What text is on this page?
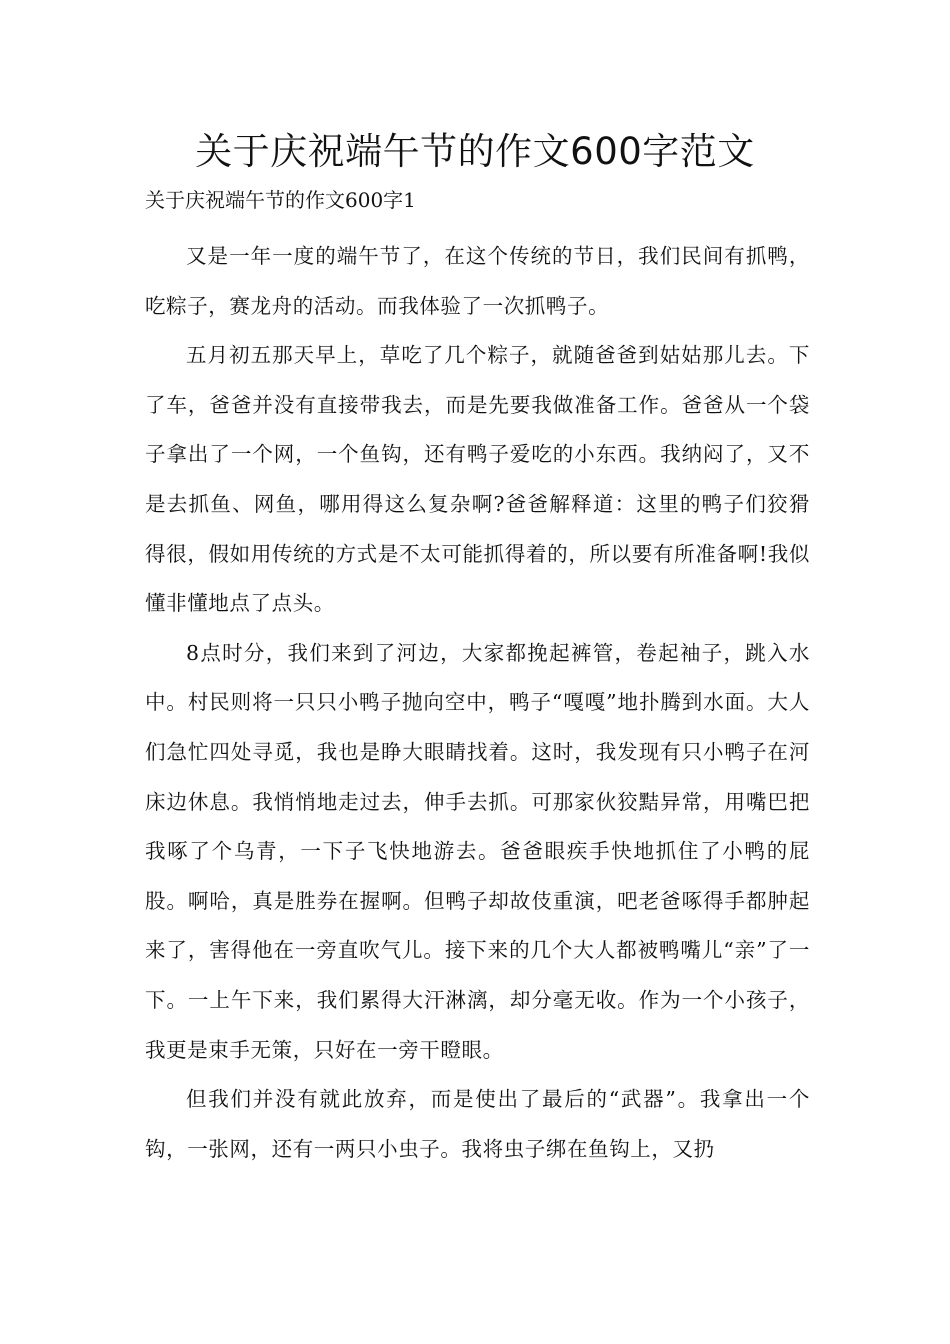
关于庆祝端午节的作文600字范文

关于庆祝端午节的作文600字1

又是一年一度的端午节了，在这个传统的节日，我们民间有抓鸭，吃粽子，赛龙舟的活动。而我体验了一次抓鸭子。

五月初五那天早上，草吃了几个粽子，就随爸爸到姑姑那儿去。下了车，爸爸并没有直接带我去，而是先要我做准备工作。爸爸从一个袋子拿出了一个网，一个鱼钩，还有鸭子爱吃的小东西。我纳闷了，又不是去抓鱼、网鱼，哪用得这么复杂啊?爸爸解释道：这里的鸭子们狡猾得很，假如用传统的方式是不太可能抓得着的，所以要有所准备啊!我似懂非懂地点了点头。

8点时分，我们来到了河边，大家都挽起裤管，卷起袖子，跳入水中。村民则将一只只小鸭子抛向空中，鸭子“嘎嘎”地扑腾到水面。大人们急忙四处寻觅，我也是睁大眼睛找着。这时，我发现有只小鸭子在河床边休息。我悄悄地走过去，伸手去抓。可那家伙狡黠异常，用嘴巴把我啄了个乌青，一下子飞快地游去。爸爸眼疾手快地抓住了小鸭的屁股。啊哈，真是胜券在握啊。但鸭子却故伎重演，吧老爸啄得手都肿起来了，害得他在一旁直吹气儿。接下来的几个大人都被鸭嘴儿“亲”了一下。一上午下来，我们累得大汗淋漓，却分毫无收。作为一个小孩子，我更是束手无策，只好在一旁干瞪眼。

但我们并没有就此放弃，而是使出了最后的“武器”。我拿出一个钩，一张网，还有一两只小虫子。我将虫子绑在鱼钩上，又扔
